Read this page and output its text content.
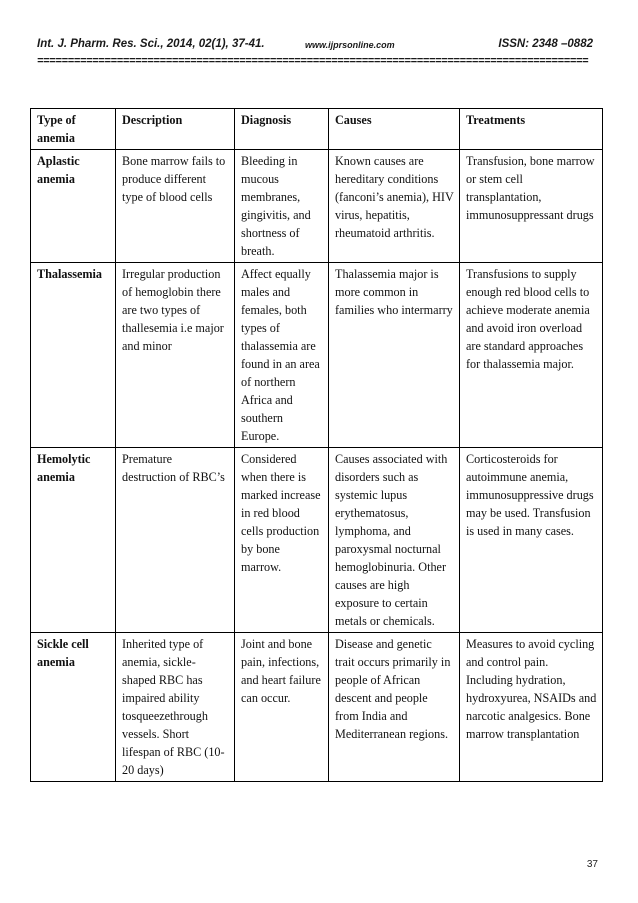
Int. J. Pharm. Res. Sci., 2014, 02(1), 37-41.	www.ijprsonline.com	ISSN: 2348 –0882
==========================================================================================
Type of anemia	Description	Diagnosis	Causes	Treatments
Aplastic anemia	Bone marrow fails to produce different type of blood cells	Bleeding in mucous membranes, gingivitis, and shortness of breath.	Known causes are hereditary conditions (fanconi’s anemia), HIV virus, hepatitis, rheumatoid arthritis.	Transfusion, bone marrow or stem cell transplantation, immunosuppressant drugs
Thalassemia	Irregular production of hemoglobin there are two types of thallesemia i.e major and minor	Affect equally males and females, both types of thalassemia are found in an area of northern Africa and southern Europe.	Thalassemia major is more common in families who intermarry	Transfusions to supply enough red blood cells to achieve moderate anemia and avoid iron overload are standard approaches for thalassemia major.
Hemolytic anemia	Premature destruction of RBC’s	Considered when there is marked increase in red blood cells production by bone marrow.	Causes associated with disorders such as systemic lupus erythematosus, lymphoma, and paroxysmal nocturnal hemoglobinuria. Other causes are high exposure to certain metals or chemicals.	Corticosteroids for autoimmune anemia, immunosuppressive drugs may be used. Transfusion is used in many cases.
Sickle cell anemia	Inherited type of anemia, sickle-shaped RBC has impaired ability tosqueezethrough vessels. Short lifespan of RBC (10-20 days)	Joint and bone pain, infections, and heart failure can occur.	Disease and genetic trait occurs primarily in people of African descent and people from India and Mediterranean regions.	Measures to avoid cycling and control pain. Including hydration, hydroxyurea, NSAIDs and narcotic analgesics. Bone marrow transplantation
37
